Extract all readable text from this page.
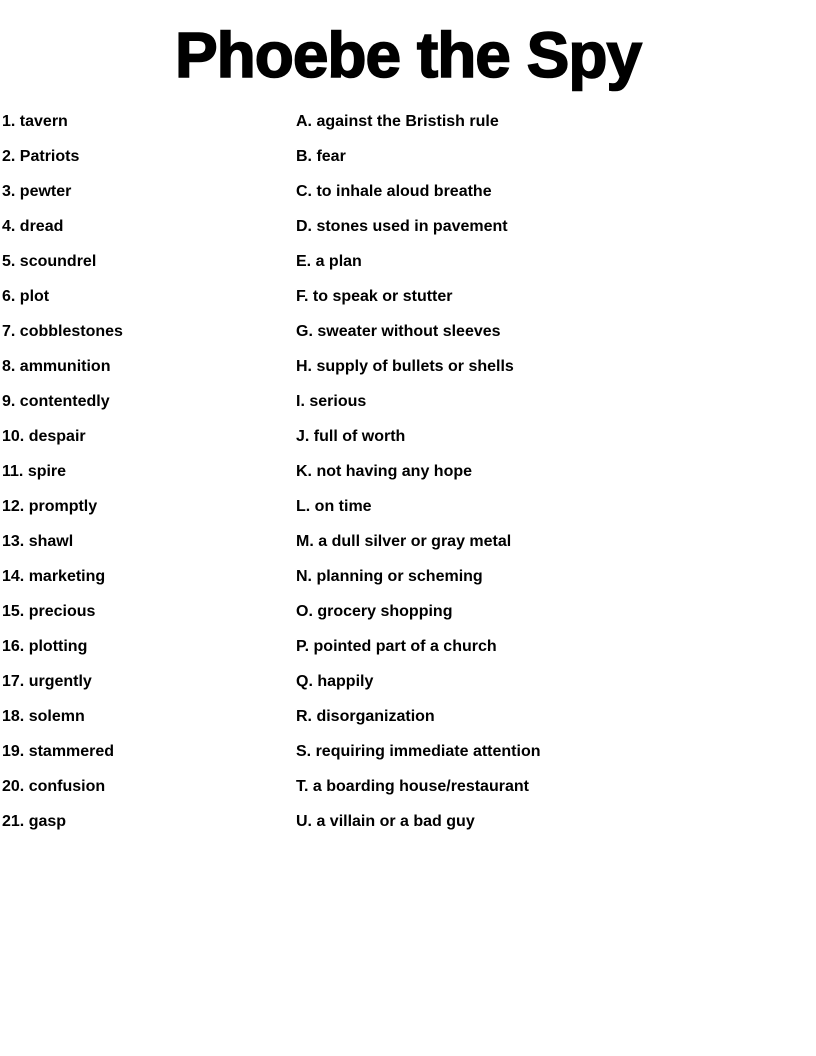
Phoebe the Spy
1. tavern	A. against the Bristish rule
2. Patriots	B. fear
3. pewter	C. to inhale aloud breathe
4. dread	D. stones used in pavement
5. scoundrel	E. a plan
6. plot	F. to speak or stutter
7. cobblestones	G. sweater without sleeves
8. ammunition	H. supply of bullets or shells
9. contentedly	I. serious
10. despair	J. full of worth
11. spire	K. not having any hope
12. promptly	L. on time
13. shawl	M. a dull silver or gray metal
14. marketing	N. planning or scheming
15. precious	O. grocery shopping
16. plotting	P. pointed part of a church
17. urgently	Q. happily
18. solemn	R. disorganization
19. stammered	S. requiring immediate attention
20. confusion	T. a boarding house/restaurant
21. gasp	U. a villain or a bad guy
